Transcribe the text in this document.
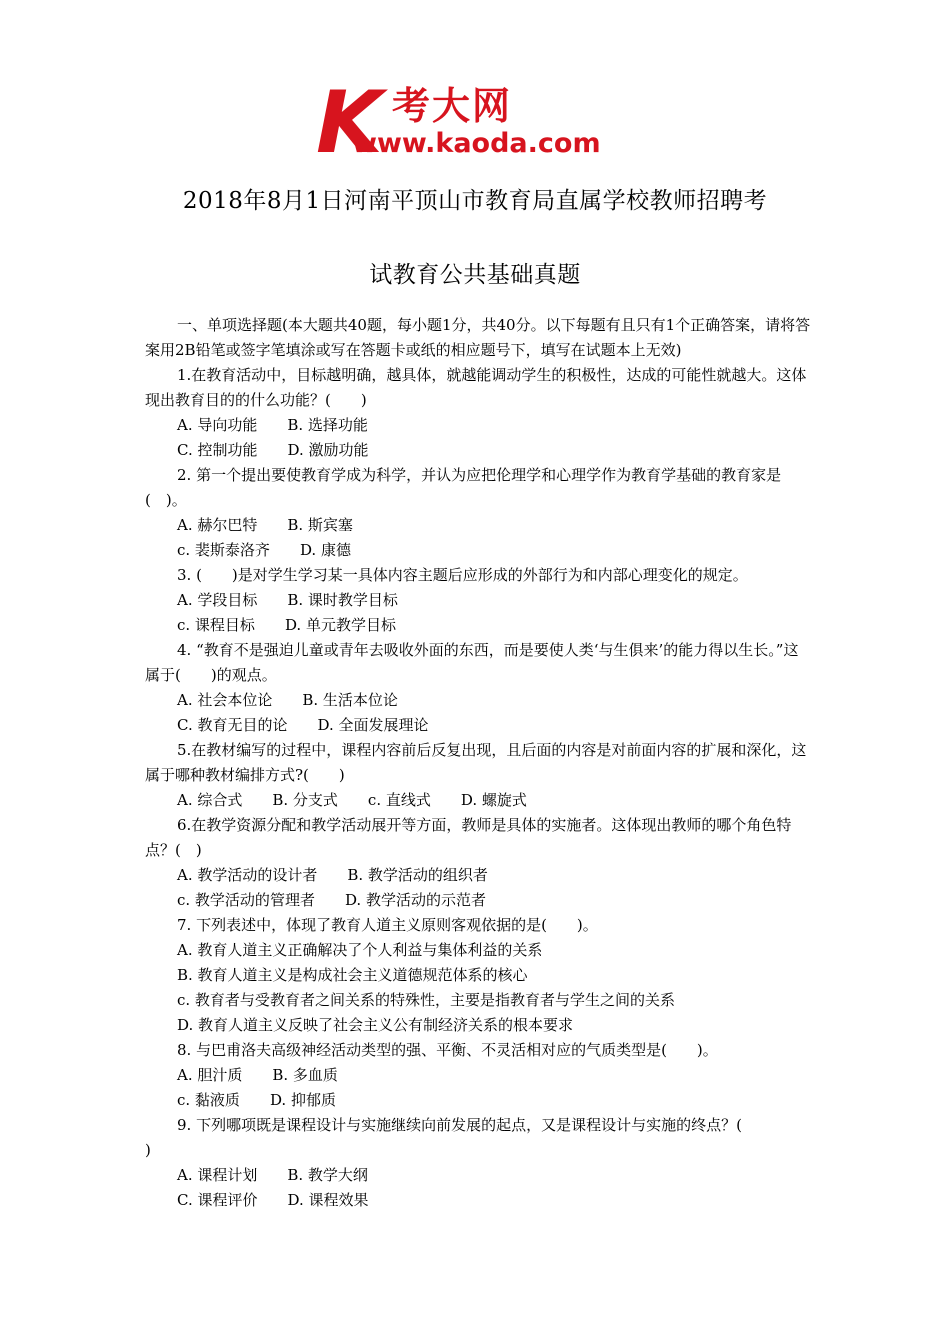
K 考大网
www.kaoda.com
2018年8月1日河南平顶山市教育局直属学校教师招聘考
试教育公共基础真题

一、单项选择题(本大题共40题，每小题1分，共40分。以下每题有且只有1个正确答案，请将答案用2B铅笔或签字笔填涂或写在答题卡或纸的相应题号下，填写在试题本上无效)

1.在教育活动中，目标越明确，越具体，就越能调动学生的积极性，达成的可能性就越大。这体现出教育目的的什么功能？(　　)

A. 导向功能　　B. 选择功能

C. 控制功能　　D. 激励功能

2. 第一个提出要使教育学成为科学，并认为应把伦理学和心理学作为教育学基础的教育家是(　)。

A. 赫尔巴特　　B. 斯宾塞

c. 裴斯泰洛齐　　D. 康德

3. (　　)是对学生学习某一具体内容主题后应形成的外部行为和内部心理变化的规定。

A. 学段目标　　B. 课时教学目标

c. 课程目标　　D. 单元教学目标

4. “教育不是强迫儿童或青年去吸收外面的东西，而是要使人类‘与生俱来’的能力得以生长。”这属于(　　)的观点。

A. 社会本位论　　B. 生活本位论

C. 教育无目的论　　D. 全面发展理论

5.在教材编写的过程中，课程内容前后反复出现，且后面的内容是对前面内容的扩展和深化，这属于哪种教材编排方式?(　　)

A. 综合式　　B. 分支式　　c. 直线式　　D. 螺旋式

6.在教学资源分配和教学活动展开等方面，教师是具体的实施者。这体现出教师的哪个角色特点？(　)

A. 教学活动的设计者　　B. 教学活动的组织者

c. 教学活动的管理者　　D. 教学活动的示范者

7. 下列表述中，体现了教育人道主义原则客观依据的是(　　)。

A. 教育人道主义正确解决了个人利益与集体利益的关系

B. 教育人道主义是构成社会主义道德规范体系的核心

c. 教育者与受教育者之间关系的特殊性，主要是指教育者与学生之间的关系

D. 教育人道主义反映了社会主义公有制经济关系的根本要求

8. 与巴甫洛夫高级神经活动类型的强、平衡、不灵活相对应的气质类型是(　　)。

A. 胆汁质　　B. 多血质

c. 黏液质　　D. 抑郁质

9. 下列哪项既是课程设计与实施继续向前发展的起点，又是课程设计与实施的终点？(

)

A. 课程计划　　B. 教学大纲

C. 课程评价　　D. 课程效果
